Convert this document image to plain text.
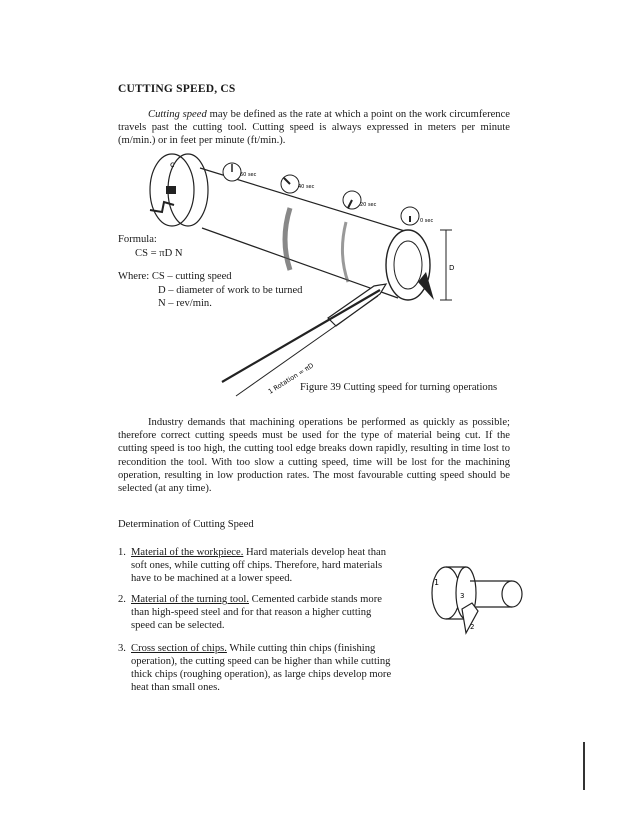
CUTTING SPEED, CS
Cutting speed may be defined as the rate at which a point on the work circumference travels past the cutting tool. Cutting speed is always expressed in meters per minute (m/min.) or in feet per minute (ft/min.).
c
60 sec
40 sec
20 sec
0 sec
D
1 Rotation = πD
Formula:
CS = πD N
Where: CS – cutting speed
D – diameter of work to be turned
N – rev/min.
Figure 39 Cutting speed for turning operations
Industry demands that machining operations be performed as quickly as possible; therefore correct cutting speeds must be used for the type of material being cut. If the cutting speed is too high, the cutting tool edge breaks down rapidly, resulting in time lost to recondition the tool. With too slow a cutting speed, time will be lost for the machining operation, resulting in low production rates. The most favourable cutting speed should be selected (at any time).
Determination of Cutting Speed
1. Material of the workpiece. Hard materials develop heat than soft ones, while cutting off chips. Therefore, hard materials have to be machined at a lower speed.
2. Material of the turning tool. Cemented carbide stands more than high-speed steel and for that reason a higher cutting speed can be selected.
3. Cross section of chips. While cutting thin chips (finishing operation), the cutting speed can be higher than while cutting thick chips (roughing operation), as large chips develop more heat than small ones.
1
3
2
